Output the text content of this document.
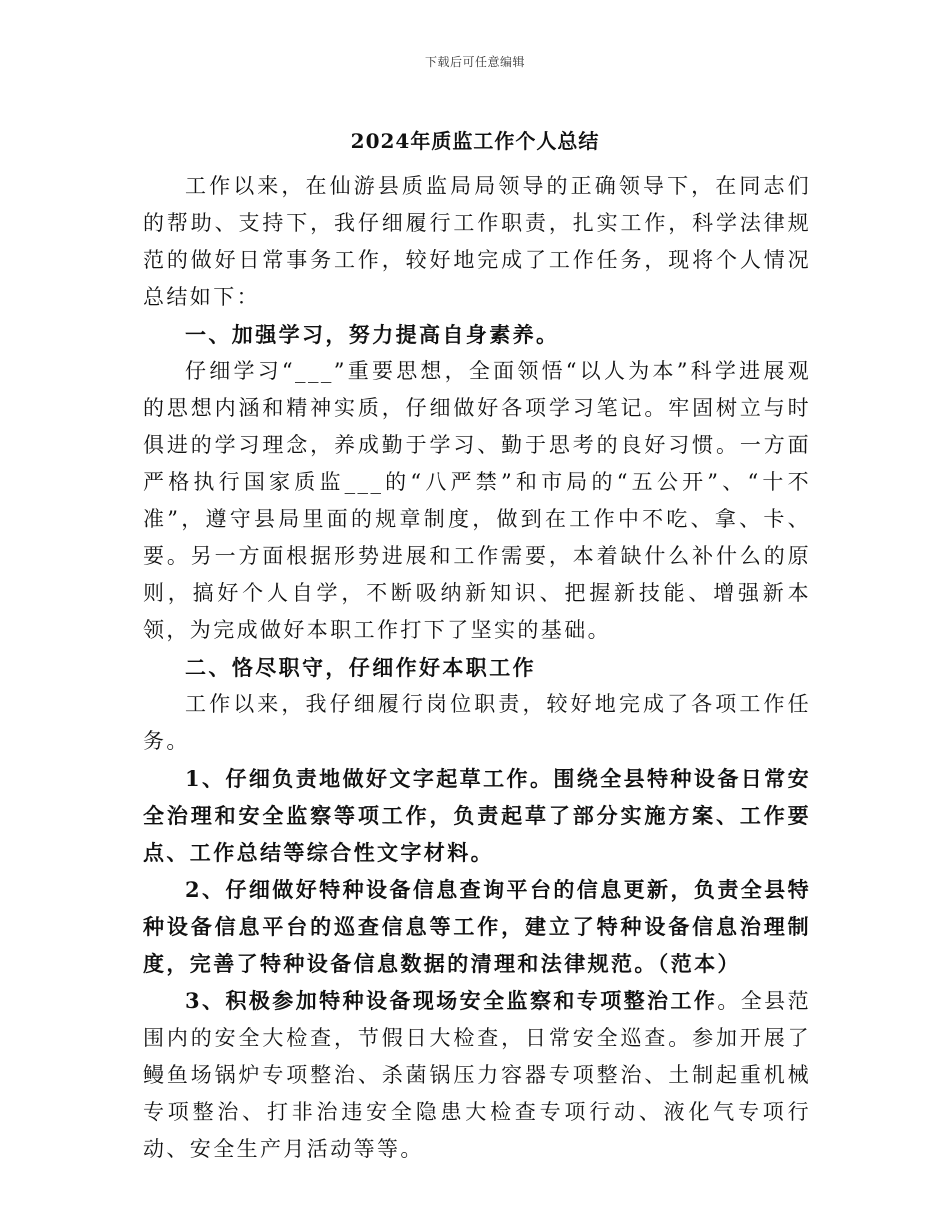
下载后可任意编辑
2024年质监工作个人总结

工作以来，在仙游县质监局局领导的正确领导下，在同志们的帮助、支持下，我仔细履行工作职责，扎实工作，科学法律规范的做好日常事务工作，较好地完成了工作任务，现将个人情况总结如下：

一、加强学习，努力提高自身素养。

仔细学习“___”重要思想，全面领悟“以人为本”科学进展观的思想内涵和精神实质，仔细做好各项学习笔记。牢固树立与时俱进的学习理念，养成勤于学习、勤于思考的良好习惯。一方面严格执行国家质监___的“八严禁”和市局的“五公开”、“十不准”，遵守县局里面的规章制度，做到在工作中不吃、拿、卡、要。另一方面根据形势进展和工作需要，本着缺什么补什么的原则，搞好个人自学，不断吸纳新知识、把握新技能、增强新本领，为完成做好本职工作打下了坚实的基础。

二、恪尽职守，仔细作好本职工作

工作以来，我仔细履行岗位职责，较好地完成了各项工作任务。

1、仔细负责地做好文字起草工作。围绕全县特种设备日常安全治理和安全监察等项工作，负责起草了部分实施方案、工作要点、工作总结等综合性文字材料。

2、仔细做好特种设备信息查询平台的信息更新，负责全县特种设备信息平台的巡查信息等工作，建立了特种设备信息治理制度，完善了特种设备信息数据的清理和法律规范。（范本）

3、积极参加特种设备现场安全监察和专项整治工作。全县范围内的安全大检查，节假日大检查，日常安全巡查。参加开展了鳗鱼场锅炉专项整治、杀菌锅压力容器专项整治、土制起重机械专项整治、打非治违安全隐患大检查专项行动、液化气专项行动、安全生产月活动等等。
